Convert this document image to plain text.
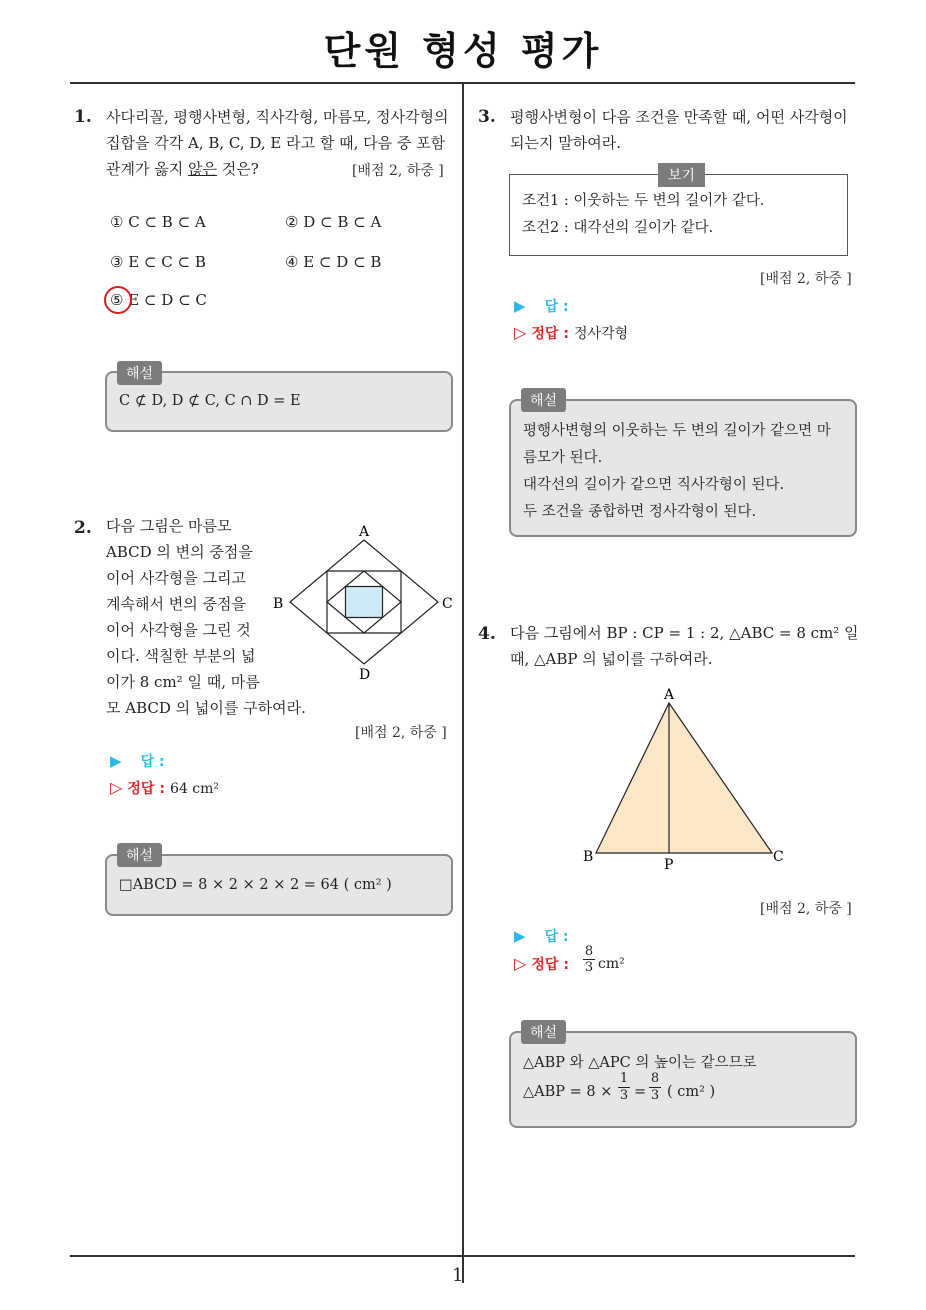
단원 형성 평가
1
1. 사다리꼴, 평행사변형, 직사각형, 마름모, 정사각형의
집합을 각각 A, B, C, D, E 라고 할 때, 다음 중 포함
관계가 옳지 않은 것은?	[배점 2, 하중 ]
① C ⊂ B ⊂ A	② D ⊂ B ⊂ A
③ E ⊂ C ⊂ B	④ E ⊂ D ⊂ B
⑤ E ⊂ D ⊂ C
C ⊄ D, D ⊄ C, C ∩ D = E
해설
2. 다음 그림은 마름모
ABCD 의 변의 중점을
이어 사각형을 그리고
계속해서 변의 중점을
이어 사각형을 그린 것
이다. 색칠한 부분의 넓
이가 8 cm² 일 때, 마름
모 ABCD 의 넓이를 구하여라.
A
B	C
D
[배점 2, 하중 ]
▶ 답 :
▷ 정답 : 64 cm²
□ABCD = 8 × 2 × 2 × 2 = 64 ( cm² )
해설
3. 평행사변형이 다음 조건을 만족할 때, 어떤 사각형이
되는지 말하여라.
조건1 : 이웃하는 두 변의 길이가 같다.
조건2 : 대각선의 길이가 같다.
보기
[배점 2, 하중 ]
▶ 답 :
▷ 정답 : 정사각형
평행사변형의 이웃하는 두 변의 길이가 같으면 마
름모가 된다.
대각선의 길이가 같으면 직사각형이 된다.
두 조건을 종합하면 정사각형이 된다.
해설
4. 다음 그림에서 BP : CP = 1 : 2, △ABC = 8 cm² 일
때, △ABP 의 넓이를 구하여라.
A
B	C
P
[배점 2, 하중 ]
▶ 답 :
▷ 정답 : $\frac{8}{3} cm^2$
△ABP 와 △APC 의 높이는 같으므로
△ABP = $8 \times \frac{1}{3} = \frac{8}{3}$ ( cm² )
해설
